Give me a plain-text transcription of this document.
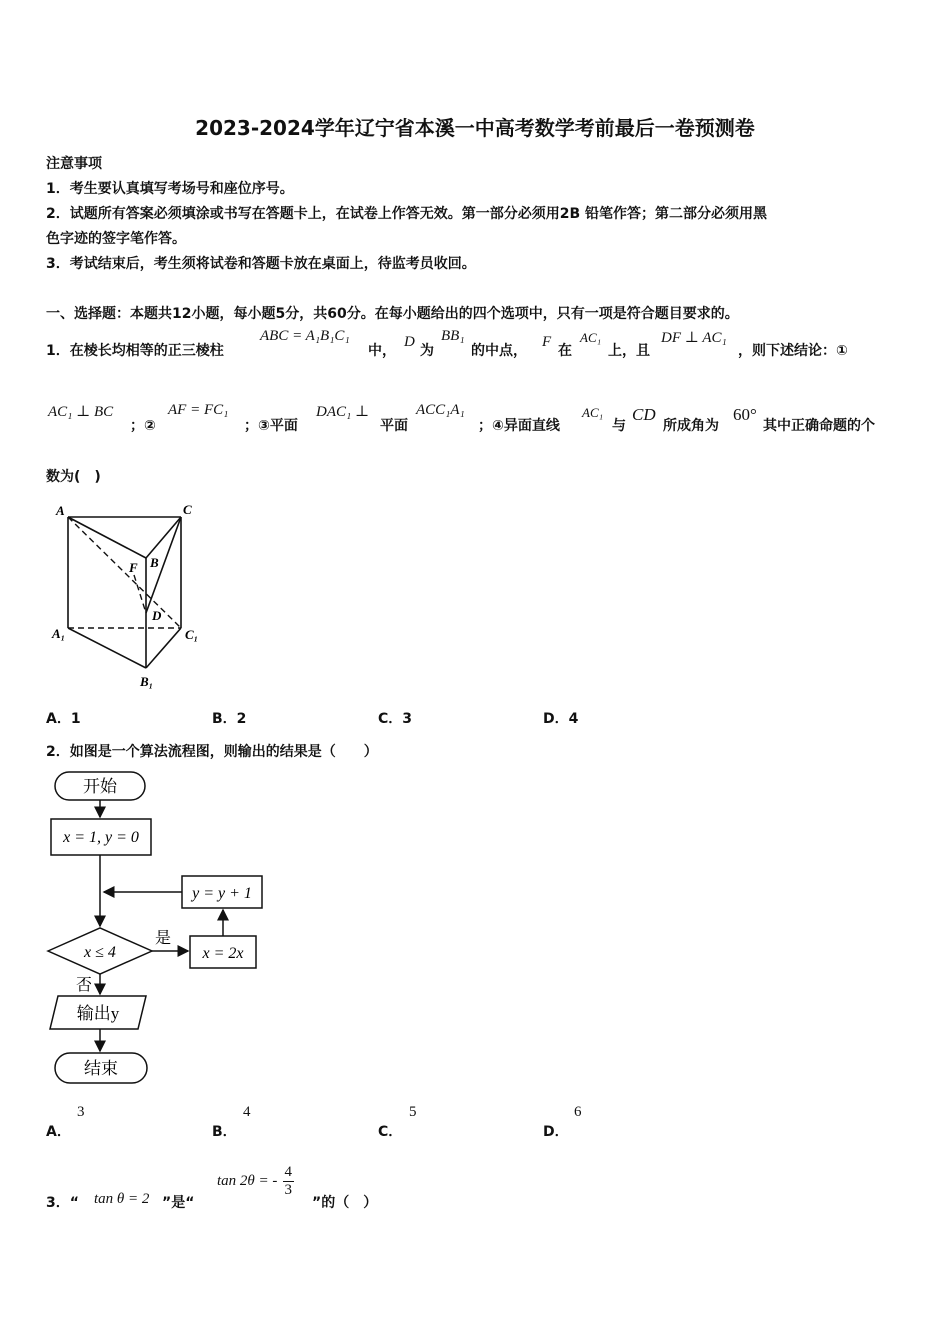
2023-2024学年辽宁省本溪一中高考数学考前最后一卷预测卷
注意事项
1．考生要认真填写考场号和座位序号。
2．试题所有答案必须填涂或书写在答题卡上，在试卷上作答无效。第一部分必须用2B 铅笔作答；第二部分必须用黑
色字迹的签字笔作答。
3．考试结束后，考生须将试卷和答题卡放在桌面上，待监考员收回。
一、选择题：本题共12小题，每小题5分，共60分。在每小题给出的四个选项中，只有一项是符合题目要求的。
1．在棱长均相等的正三棱柱
ABC = A₁B₁C₁
中，
D
为
BB₁
的中点，
F
在
AC₁
上，且
DF ⊥ AC₁
，则下述结论：①
AC₁ ⊥ BC
；②
AF = FC₁
；③平面
DAC₁ ⊥
平面
ACC₁A₁
；④异面直线
AC₁
与
CD
所成角为
60°
其中正确命题的个
数为(　)
A	C
B
F
D
A₁	C₁
B₁
A．1	B．2	C．3	D．4
2．如图是一个算法流程图，则输出的结果是（　　）
开始
x = 1, y = 0
y = y + 1
x ≤ 4
是
x = 2x
否
输出y
结束
A．
3
B．
4
C．
5
D．
6
3．“ tan θ = 2 ”是“
tan 2θ = - $\frac{4}{3}$
”的（　）
